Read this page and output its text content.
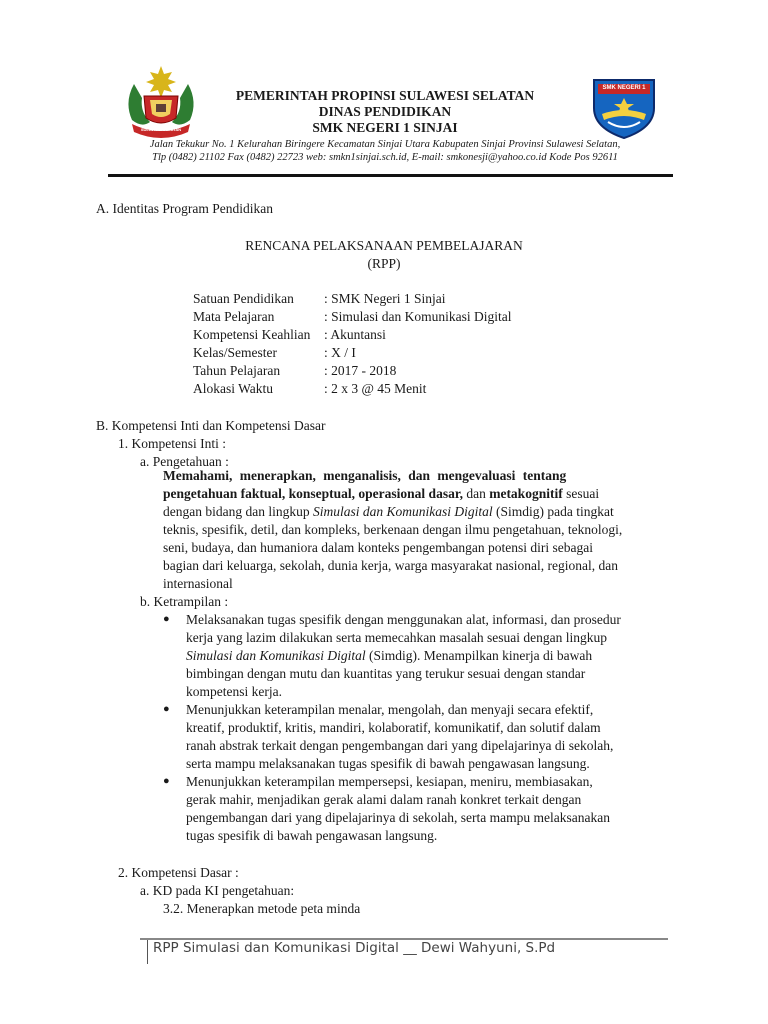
SULAWESI SELATAN
SMK NEGERI 1
PEMERINTAH PROPINSI SULAWESI SELATAN
DINAS PENDIDIKAN
SMK NEGERI 1 SINJAI
Jalan Tekukur No. 1 Kelurahan Biringere Kecamatan Sinjai Utara Kabupaten Sinjai Provinsi Sulawesi Selatan,
Tlp (0482) 21102 Fax (0482) 22723 web: smkn1sinjai.sch.id, E-mail: smkonesji@yahoo.co.id Kode Pos 92611
A. Identitas Program Pendidikan
RENCANA PELAKSANAAN PEMBELAJARAN
(RPP)
Satuan Pendidikan	: SMK Negeri 1 Sinjai
Mata Pelajaran	: Simulasi dan Komunikasi Digital
Kompetensi Keahlian	: Akuntansi
Kelas/Semester	: X / I
Tahun Pelajaran	: 2017 - 2018
Alokasi Waktu	: 2 x 3 @ 45 Menit
B. Kompetensi Inti dan Kompetensi Dasar
1. Kompetensi Inti :
a. Pengetahuan :
Memahami, menerapkan, menganalisis, dan mengevaluasi tentang
pengetahuan faktual, konseptual, operasional dasar, dan metakognitif sesuai
dengan bidang dan lingkup Simulasi dan Komunikasi Digital (Simdig) pada tingkat
teknis, spesifik, detil, dan kompleks, berkenaan dengan ilmu pengetahuan, teknologi,
seni, budaya, dan humaniora dalam konteks pengembangan potensi diri sebagai
bagian dari keluarga, sekolah, dunia kerja, warga masyarakat nasional, regional, dan
internasional
b. Ketrampilan :
● Melaksanakan tugas spesifik dengan menggunakan alat, informasi, dan prosedur
kerja yang lazim dilakukan serta memecahkan masalah sesuai dengan lingkup
Simulasi dan Komunikasi Digital (Simdig). Menampilkan kinerja di bawah
bimbingan dengan mutu dan kuantitas yang terukur sesuai dengan standar
kompetensi kerja.
● Menunjukkan keterampilan menalar, mengolah, dan menyaji secara efektif,
kreatif, produktif, kritis, mandiri, kolaboratif, komunikatif, dan solutif dalam
ranah abstrak terkait dengan pengembangan dari yang dipelajarinya di sekolah,
serta mampu melaksanakan tugas spesifik di bawah pengawasan langsung.
● Menunjukkan keterampilan mempersepsi, kesiapan, meniru, membiasakan,
gerak mahir, menjadikan gerak alami dalam ranah konkret terkait dengan
pengembangan dari yang dipelajarinya di sekolah, serta mampu melaksanakan
tugas spesifik di bawah pengawasan langsung.
2. Kompetensi Dasar :
a. KD pada KI pengetahuan:
3.2. Menerapkan metode peta minda
RPP Simulasi dan Komunikasi Digital __ Dewi Wahyuni, S.Pd
